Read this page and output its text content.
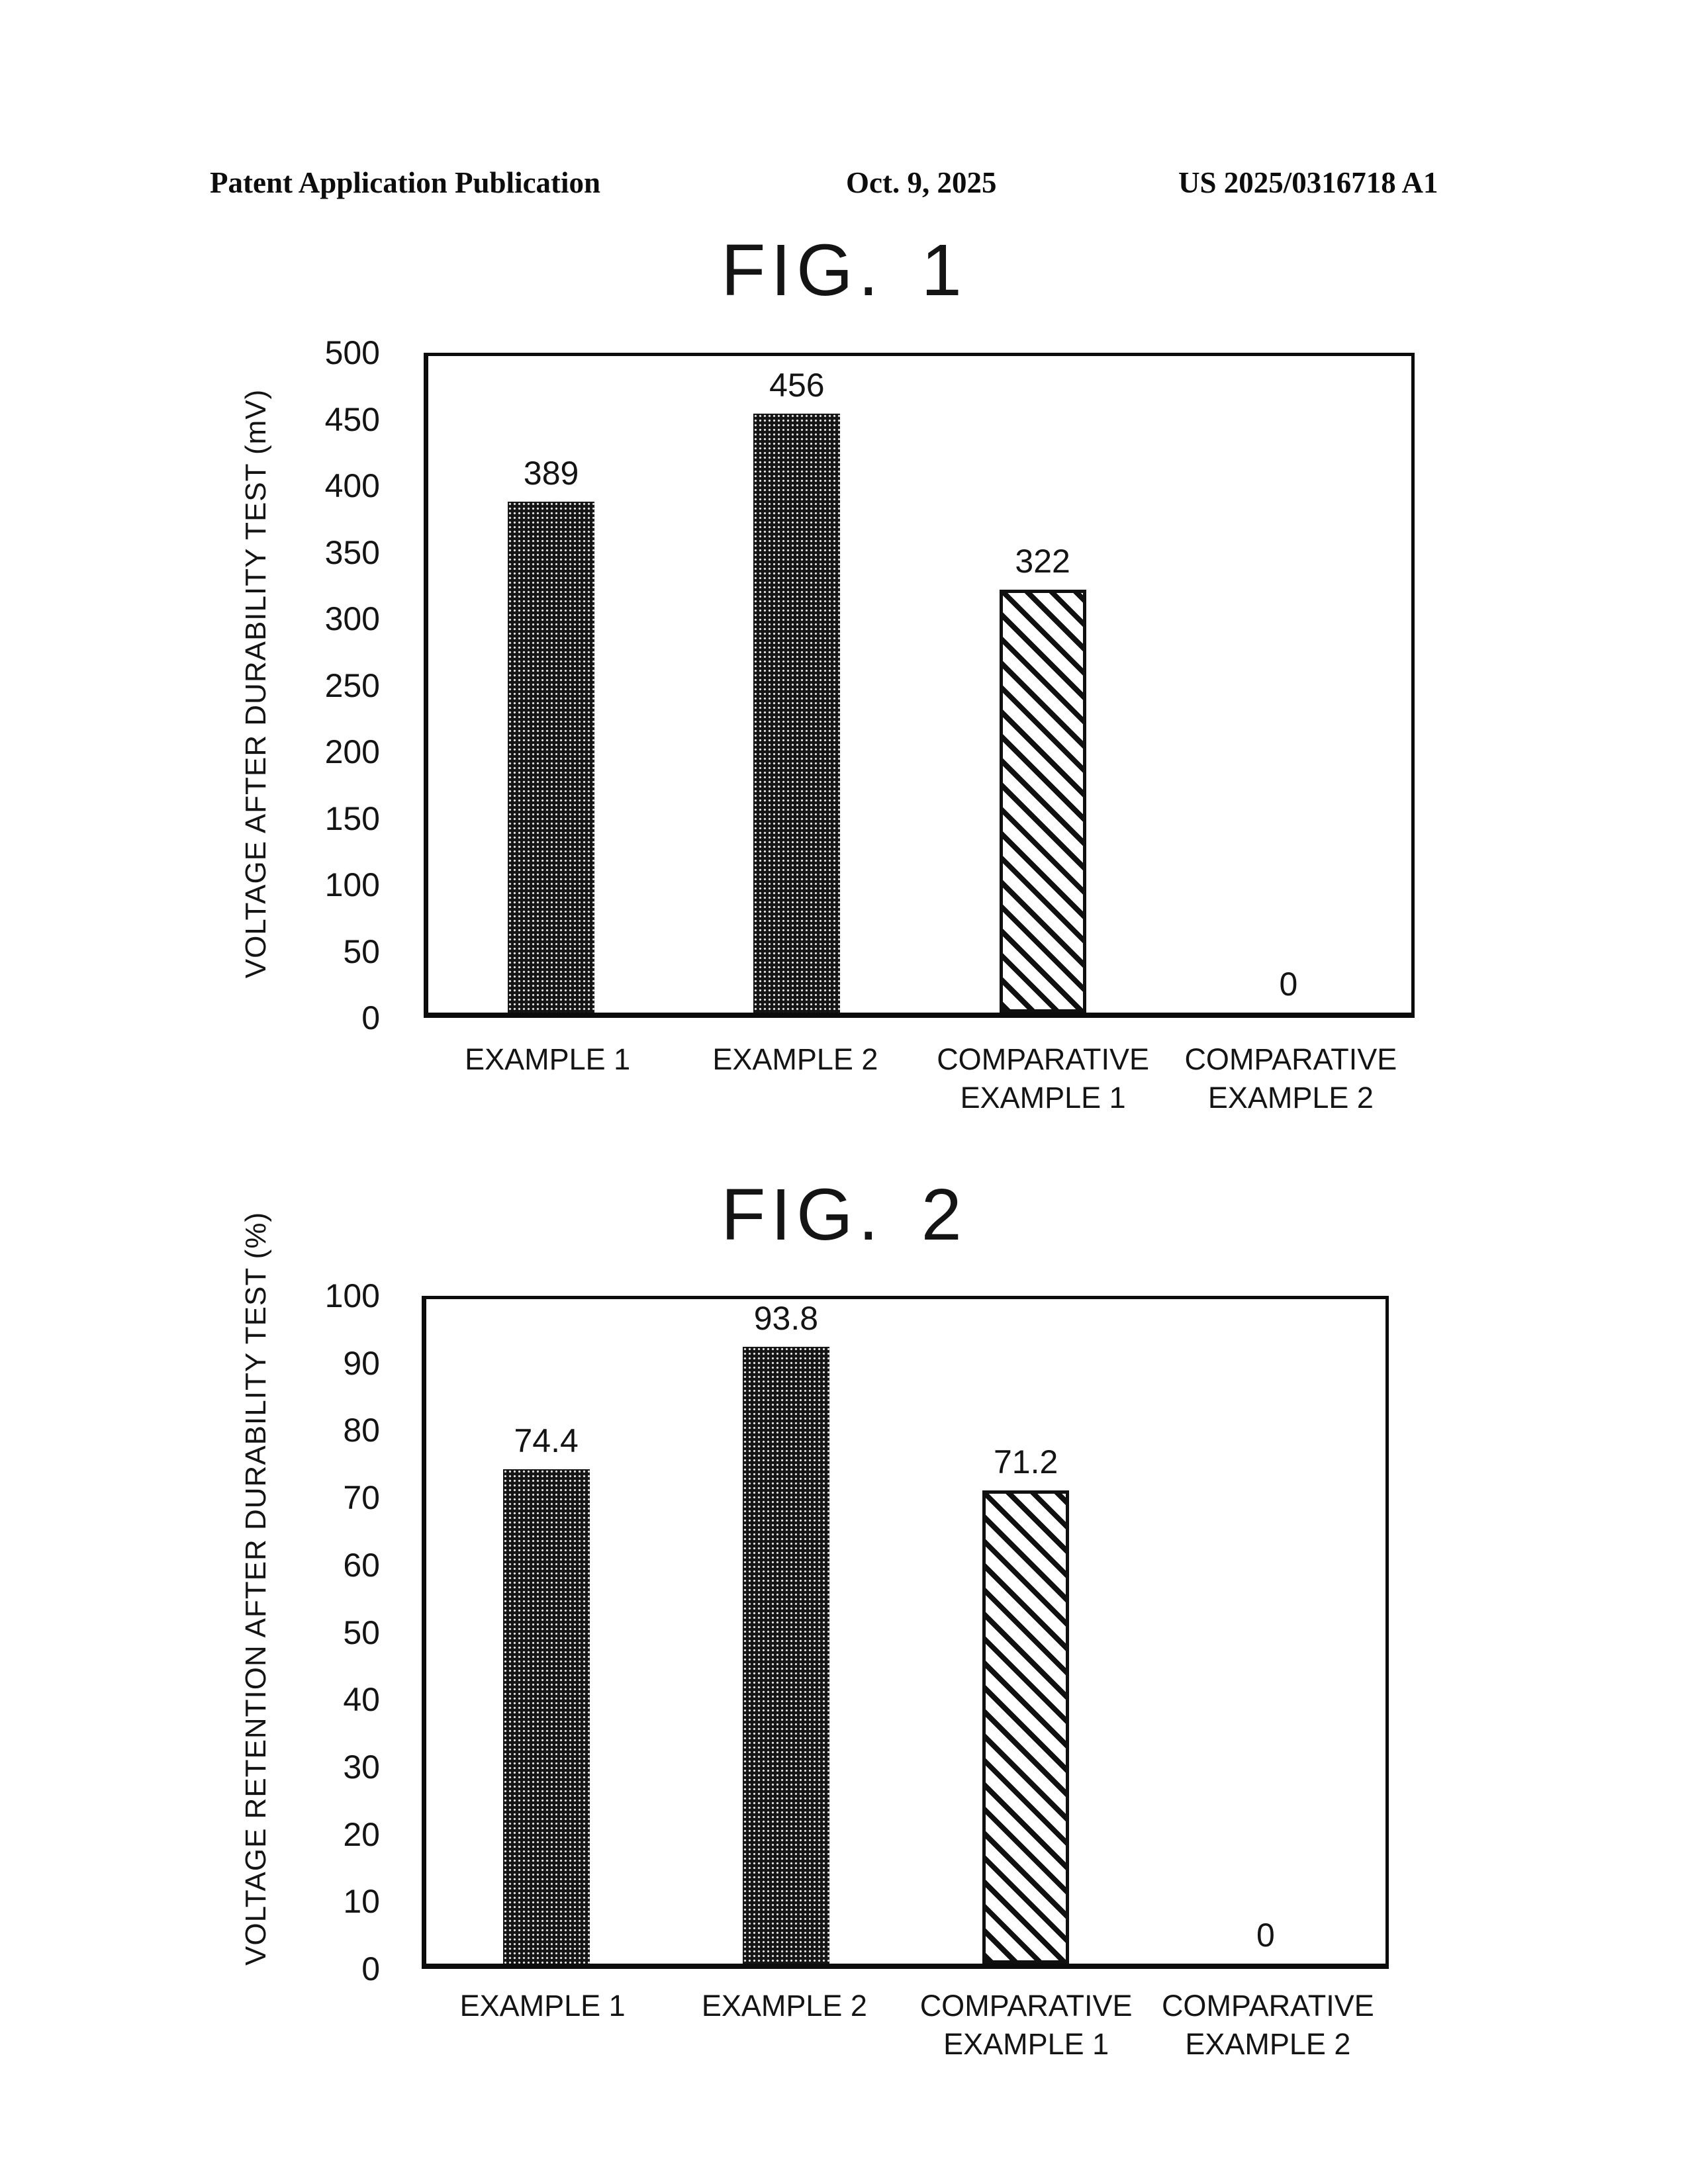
Patent Application Publication	Oct. 9, 2025	US 2025/0316718 A1
FIG. 1
VOLTAGE AFTER DURABILITY TEST (mV)
500
450
400
350
300
250
200
150
100
50
0
389
456
322
0
EXAMPLE 1	EXAMPLE 2	COMPARATIVE
EXAMPLE 1
COMPARATIVE
EXAMPLE 2
FIG. 2
VOLTAGE RETENTION AFTER DURABILITY TEST (%)	100
90
80
70
60
50
40
30
20
10
0
74.4
93.8
71.2
0
EXAMPLE 1	EXAMPLE 2	COMPARATIVE
EXAMPLE 1
COMPARATIVE
EXAMPLE 2
